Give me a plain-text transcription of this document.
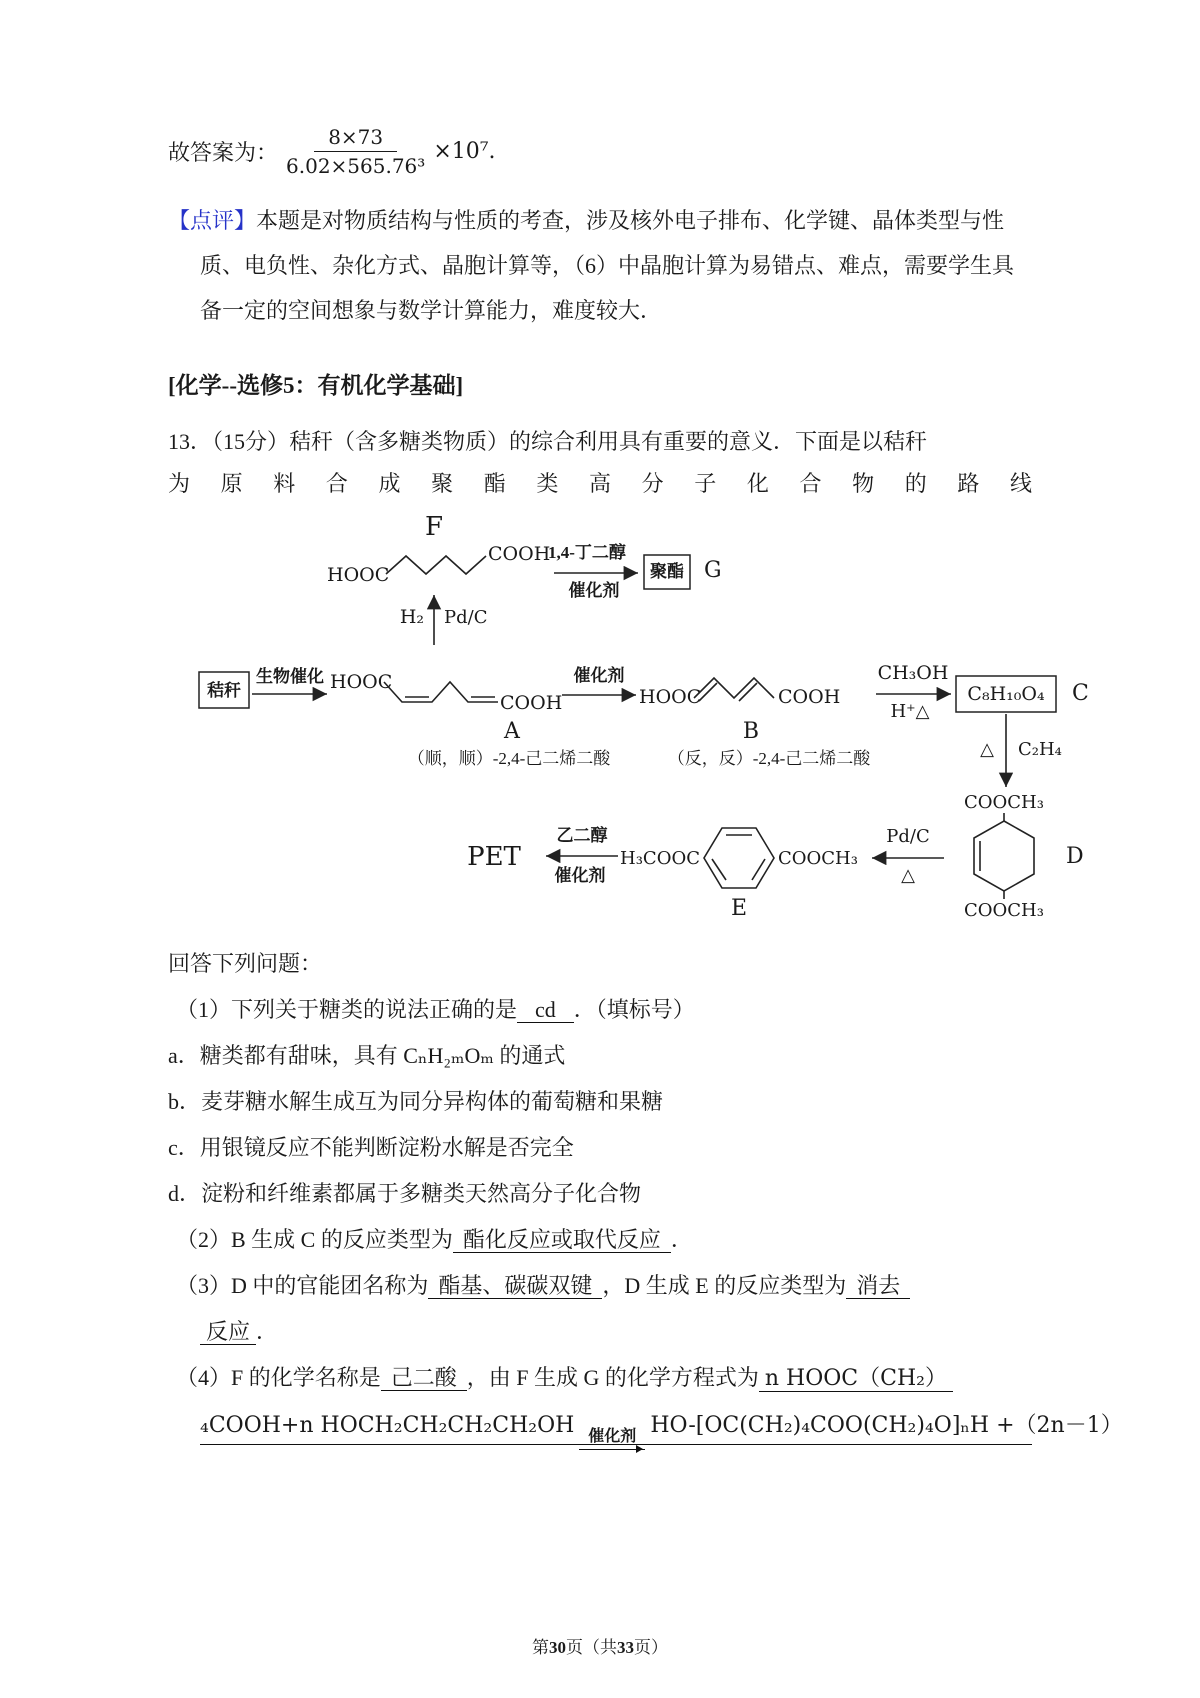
故答案为： $\frac{8\times 73}{\text{6.02×565.76³}} \times 10^7$.

【点评】本题是对物质结构与性质的考查，涉及核外电子排布、化学键、晶体类型与性质、电负性、杂化方式、晶胞计算等，（6）中晶胞计算为易错点、难点，需要学生具备一定的空间想象与数学计算能力，难度较大．

[化学--选修5：有机化学基础]

13．（15分）秸秆（含多糖类物质）的综合利用具有重要的意义．下面是以秸秆

为原料合成聚酯类高分子化合物的路线
F
HOOC
COOH
1,4-丁二醇
催化剂
聚酯 G
H₂ Pd/C
秸秆
生物催化 HOOC
COOH
A
（顺，顺）-2,4-己二烯二酸
催化剂
HOOC	COOH
B
（反，反）-2,4-己二烯二酸
CH₃OH
H⁺△
C₈H₁₀O₄ C
△ C₂H₄
COOCH₃
COOCH₃
D
Pd/C
△
H₃COOC	COOCH₃
E
乙二醇
催化剂
PET

回答下列问题：

（1）下列关于糖类的说法正确的是 cd ．（填标号）

a．糖类都有甜味，具有 CₙH₂ₘOₘ 的通式

b．麦芽糖水解生成互为同分异构体的葡萄糖和果糖

c．用银镜反应不能判断淀粉水解是否完全

d．淀粉和纤维素都属于多糖类天然高分子化合物

（2）B 生成 C 的反应类型为 酯化反应或取代反应 ．

（3）D 中的官能团名称为 酯基、碳碳双键 ，D 生成 E 的反应类型为 消去

反应 ．

（4）F 的化学名称是 己二酸 ，由 F 生成 G 的化学方程式为 n HOOC（CH₂）

₄COOH+n HOCH₂CH₂CH₂CH₂OH 催化剂 HO-[OC(CH₂)₄COO(CH₂)₄O]ₙH +（2n－1）

第30页（共33页）
